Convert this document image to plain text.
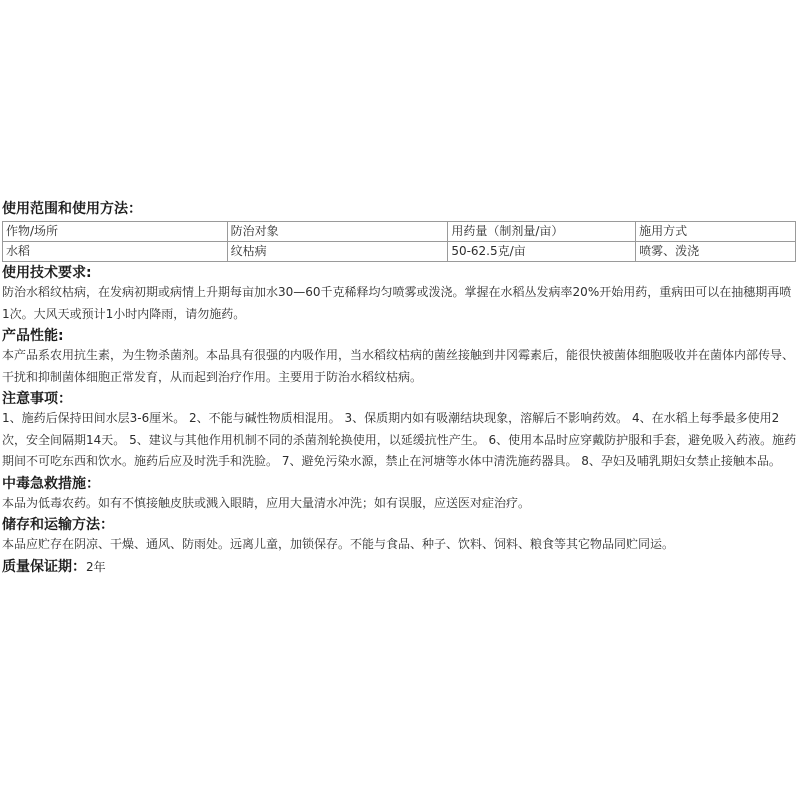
使用范围和使用方法：
作物/场所	防治对象	用药量（制剂量/亩）	施用方式
水稻	纹枯病	50-62.5克/亩	喷雾、泼浇
使用技术要求:
防治水稻纹枯病，在发病初期或病情上升期每亩加水30—60千克稀释均匀喷雾或泼浇。掌握在水稻丛发病率20%开始用药，重病田可以在抽穗期再喷1次。大风天或预计1小时内降雨，请勿施药。
产品性能:
本产品系农用抗生素，为生物杀菌剂。本品具有很强的内吸作用，当水稻纹枯病的菌丝接触到井冈霉素后，能很快被菌体细胞吸收并在菌体内部传导、干扰和抑制菌体细胞正常发育，从而起到治疗作用。主要用于防治水稻纹枯病。
注意事项：
1、施药后保持田间水层3-6厘米。 2、不能与碱性物质相混用。 3、保质期内如有吸潮结块现象，溶解后不影响药效。 4、在水稻上每季最多使用2次，安全间隔期14天。 5、建议与其他作用机制不同的杀菌剂轮换使用，以延缓抗性产生。 6、使用本品时应穿戴防护服和手套，避免吸入药液。施药期间不可吃东西和饮水。施药后应及时洗手和洗脸。 7、避免污染水源，禁止在河塘等水体中清洗施药器具。 8、孕妇及哺乳期妇女禁止接触本品。
中毒急救措施：
本品为低毒农药。如有不慎接触皮肤或溅入眼睛，应用大量清水冲洗；如有误服，应送医对症治疗。
储存和运输方法：
本品应贮存在阴凉、干燥、通风、防雨处。远离儿童，加锁保存。不能与食品、种子、饮料、饲料、粮食等其它物品同贮同运。
质量保证期：2年
